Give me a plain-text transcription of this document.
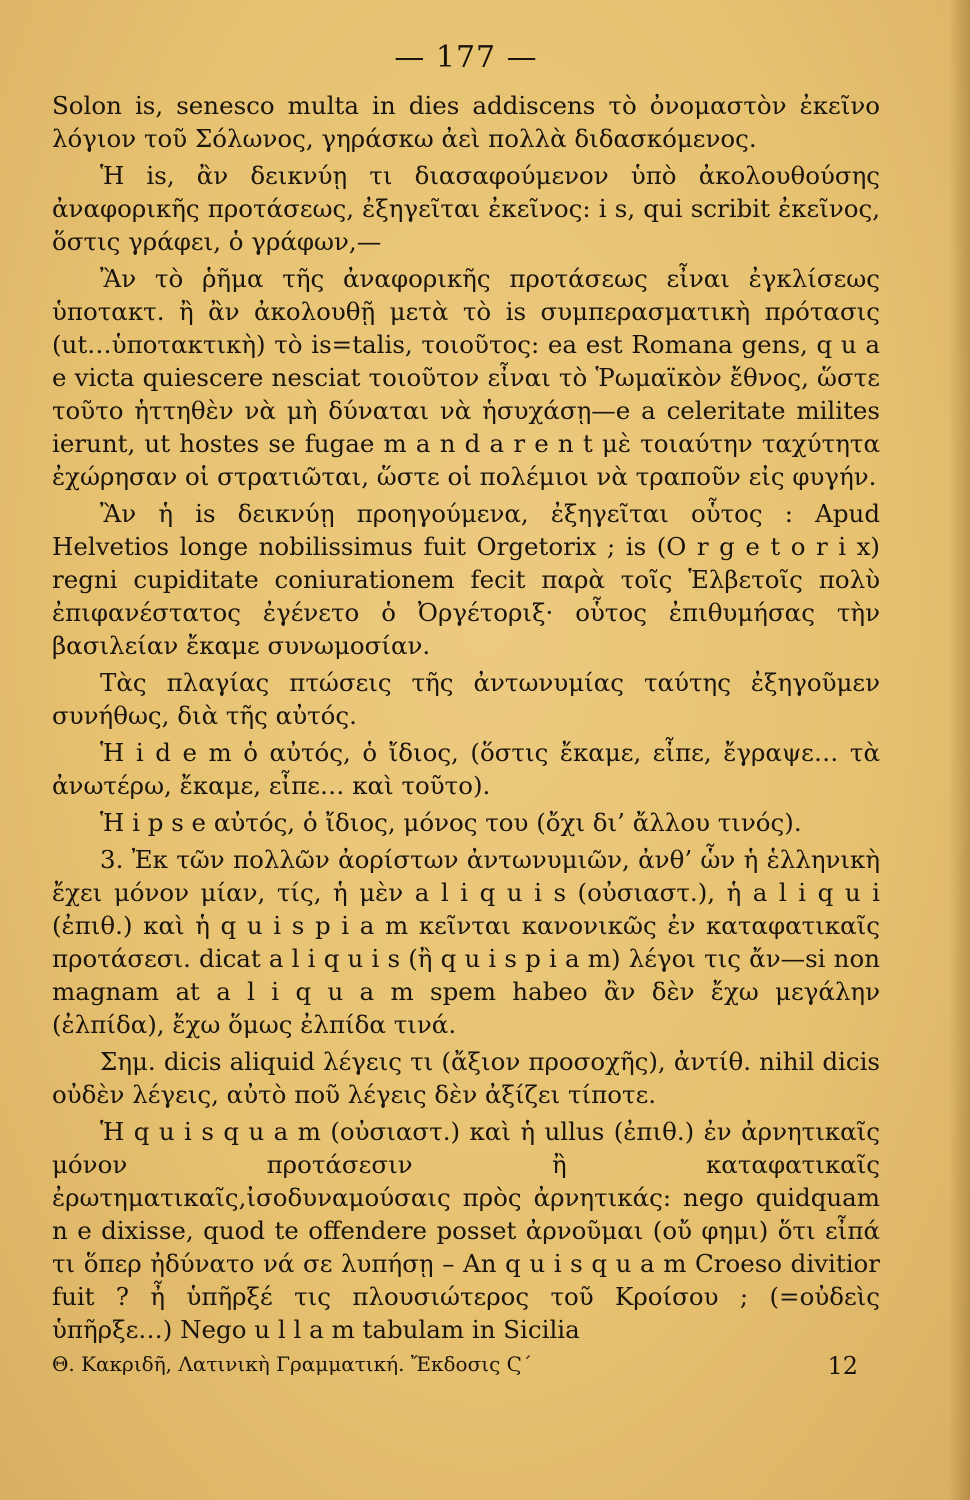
— 177 —

Solon is, senesco multa in dies addiscens τὸ ὀνομαστὸν ἐκεῖνο λόγιον τοῦ Σόλωνος, γηράσκω ἀεὶ πολλὰ διδασκόμενος.

Ἡ is, ἂν δεικνύῃ τι διασαφούμενον ὑπὸ ἀκολουθούσης ἀναφορικῆς προτάσεως, ἐξηγεῖται ἐκεῖνος: i s, qui scribit ἐκεῖνος, ὅστις γράφει, ὁ γράφων,—

Ἂν τὸ ῥῆμα τῆς ἀναφορικῆς προτάσεως εἶναι ἐγκλίσεως ὑποτακτ. ἢ ἂν ἀκολουθῇ μετὰ τὸ is συμπερασματικὴ πρότασις (ut…ὑποτακτικὴ) τὸ is=talis, τοιοῦτος: ea est Romana gens, q u a e victa quiescere nesciat τοιοῦτον εἶναι τὸ Ῥωμαϊκὸν ἔθνος, ὥστε τοῦτο ἡττηθὲν νὰ μὴ δύναται νὰ ἡσυχάσῃ—e a celeritate milites ierunt, ut hostes se fugae m a n d a r e n t μὲ τοιαύτην ταχύτητα ἐχώρησαν οἱ στρατιῶται, ὥστε οἱ πολέμιοι νὰ τραποῦν εἰς φυγήν.

Ἂν ἡ is δεικνύῃ προηγούμενα, ἐξηγεῖται οὗτος : Apud Helvetios longe nobilissimus fuit Orgetorix ; is (O r g e t o r i x) regni cupiditate coniurationem fecit παρὰ τοῖς Ἑλβετοῖς πολὺ ἐπιφανέστατος ἐγένετο ὁ Ὀργέτοριξ· οὗτος ἐπιθυμήσας τὴν βασιλείαν ἔκαμε συνωμοσίαν.

Τὰς πλαγίας πτώσεις τῆς ἀντωνυμίας ταύτης ἐξηγοῦμεν συνήθως, διὰ τῆς αὐτός.

Ἡ i d e m ὁ αὐτός, ὁ ἴδιος, (ὅστις ἔκαμε, εἶπε, ἔγραψε… τὰ ἀνωτέρω, ἔκαμε, εἶπε… καὶ τοῦτο).

Ἡ i p s e αὐτός, ὁ ἴδιος, μόνος του (ὄχι δι’ ἄλλου τινός).

3. Ἐκ τῶν πολλῶν ἀορίστων ἀντωνυμιῶν, ἀνθ’ ὧν ἡ ἑλληνικὴ ἔχει μόνον μίαν, τίς, ἡ μὲν a l i q u i s (οὐσιαστ.), ἡ a l i q u i (ἐπιθ.) καὶ ἡ q u i s p i a m κεῖνται κανονικῶς ἐν καταφατικαῖς προτάσεσι. dicat a l i q u i s (ἢ q u i s p i a m) λέγοι τις ἄν—si non magnam at a l i q u a m spem habeo ἂν δὲν ἔχω μεγάλην (ἐλπίδα), ἔχω ὅμως ἐλπίδα τινά.

Σημ. dicis aliquid λέγεις τι (ἄξιον προσοχῆς), ἀντίθ. nihil dicis οὐδὲν λέγεις, αὐτὸ ποῦ λέγεις δὲν ἀξίζει τίποτε.

Ἡ q u i s q u a m (οὐσιαστ.) καὶ ἡ ullus (ἐπιθ.) ἐν ἀρνητικαῖς μόνον προτάσεσιν ἢ καταφατικαῖς ἐρωτηματικαῖς,ἰσοδυναμούσαις πρὸς ἀρνητικάς: nego quidquam n e dixisse, quod te offendere posset ἀρνοῦμαι (οὔ φημι) ὅτι εἶπά τι ὅπερ ἠδύνατο νά σε λυπήσῃ – An q u i s q u a m Croeso divitior fuit ? ἦ ὑπῆρξέ τις πλουσιώτερος τοῦ Κροίσου ; (=οὐδεὶς ὑπῆρξε…) Nego u l l a m tabulam in Sicilia

Θ. Κακριδῆ, Λατινικὴ Γραμματική. Ἔκδοσις Ϛ΄	12
